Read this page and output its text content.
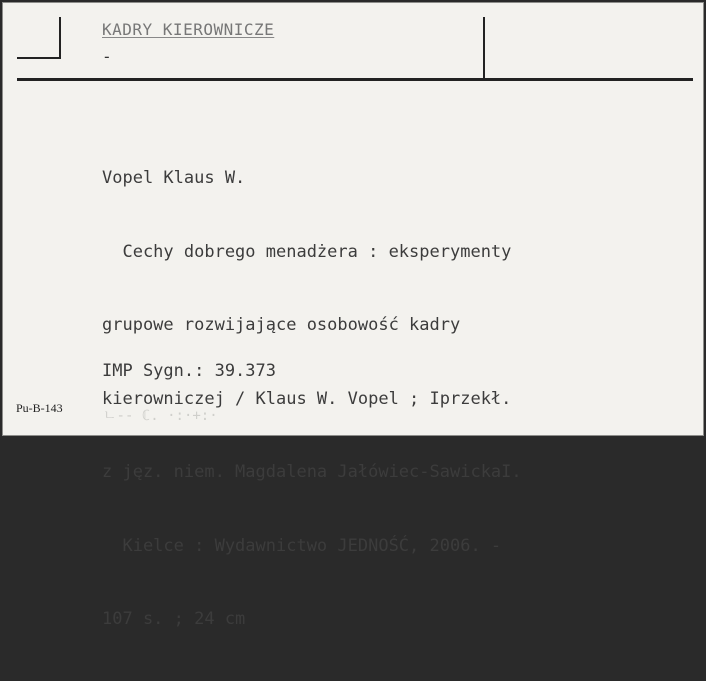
KADRY KIEROWNICZE
-

Vopel Klaus W.

Cechy dobrego menadżera : eksperymenty

grupowe rozwijające osobowość kadry

kierowniczej / Klaus W. Vopel ; Iprzekł.

z jęz. niem. Magdalena Jałówiec-SawickaI.

Kielce : Wydawnictwo JEDNOŚĆ, 2006. -

107 s. ; 24 cm

IMP Sygn.: 39.373
Pu-B-143	ㄴ-- ℂ. ·:·+:·
